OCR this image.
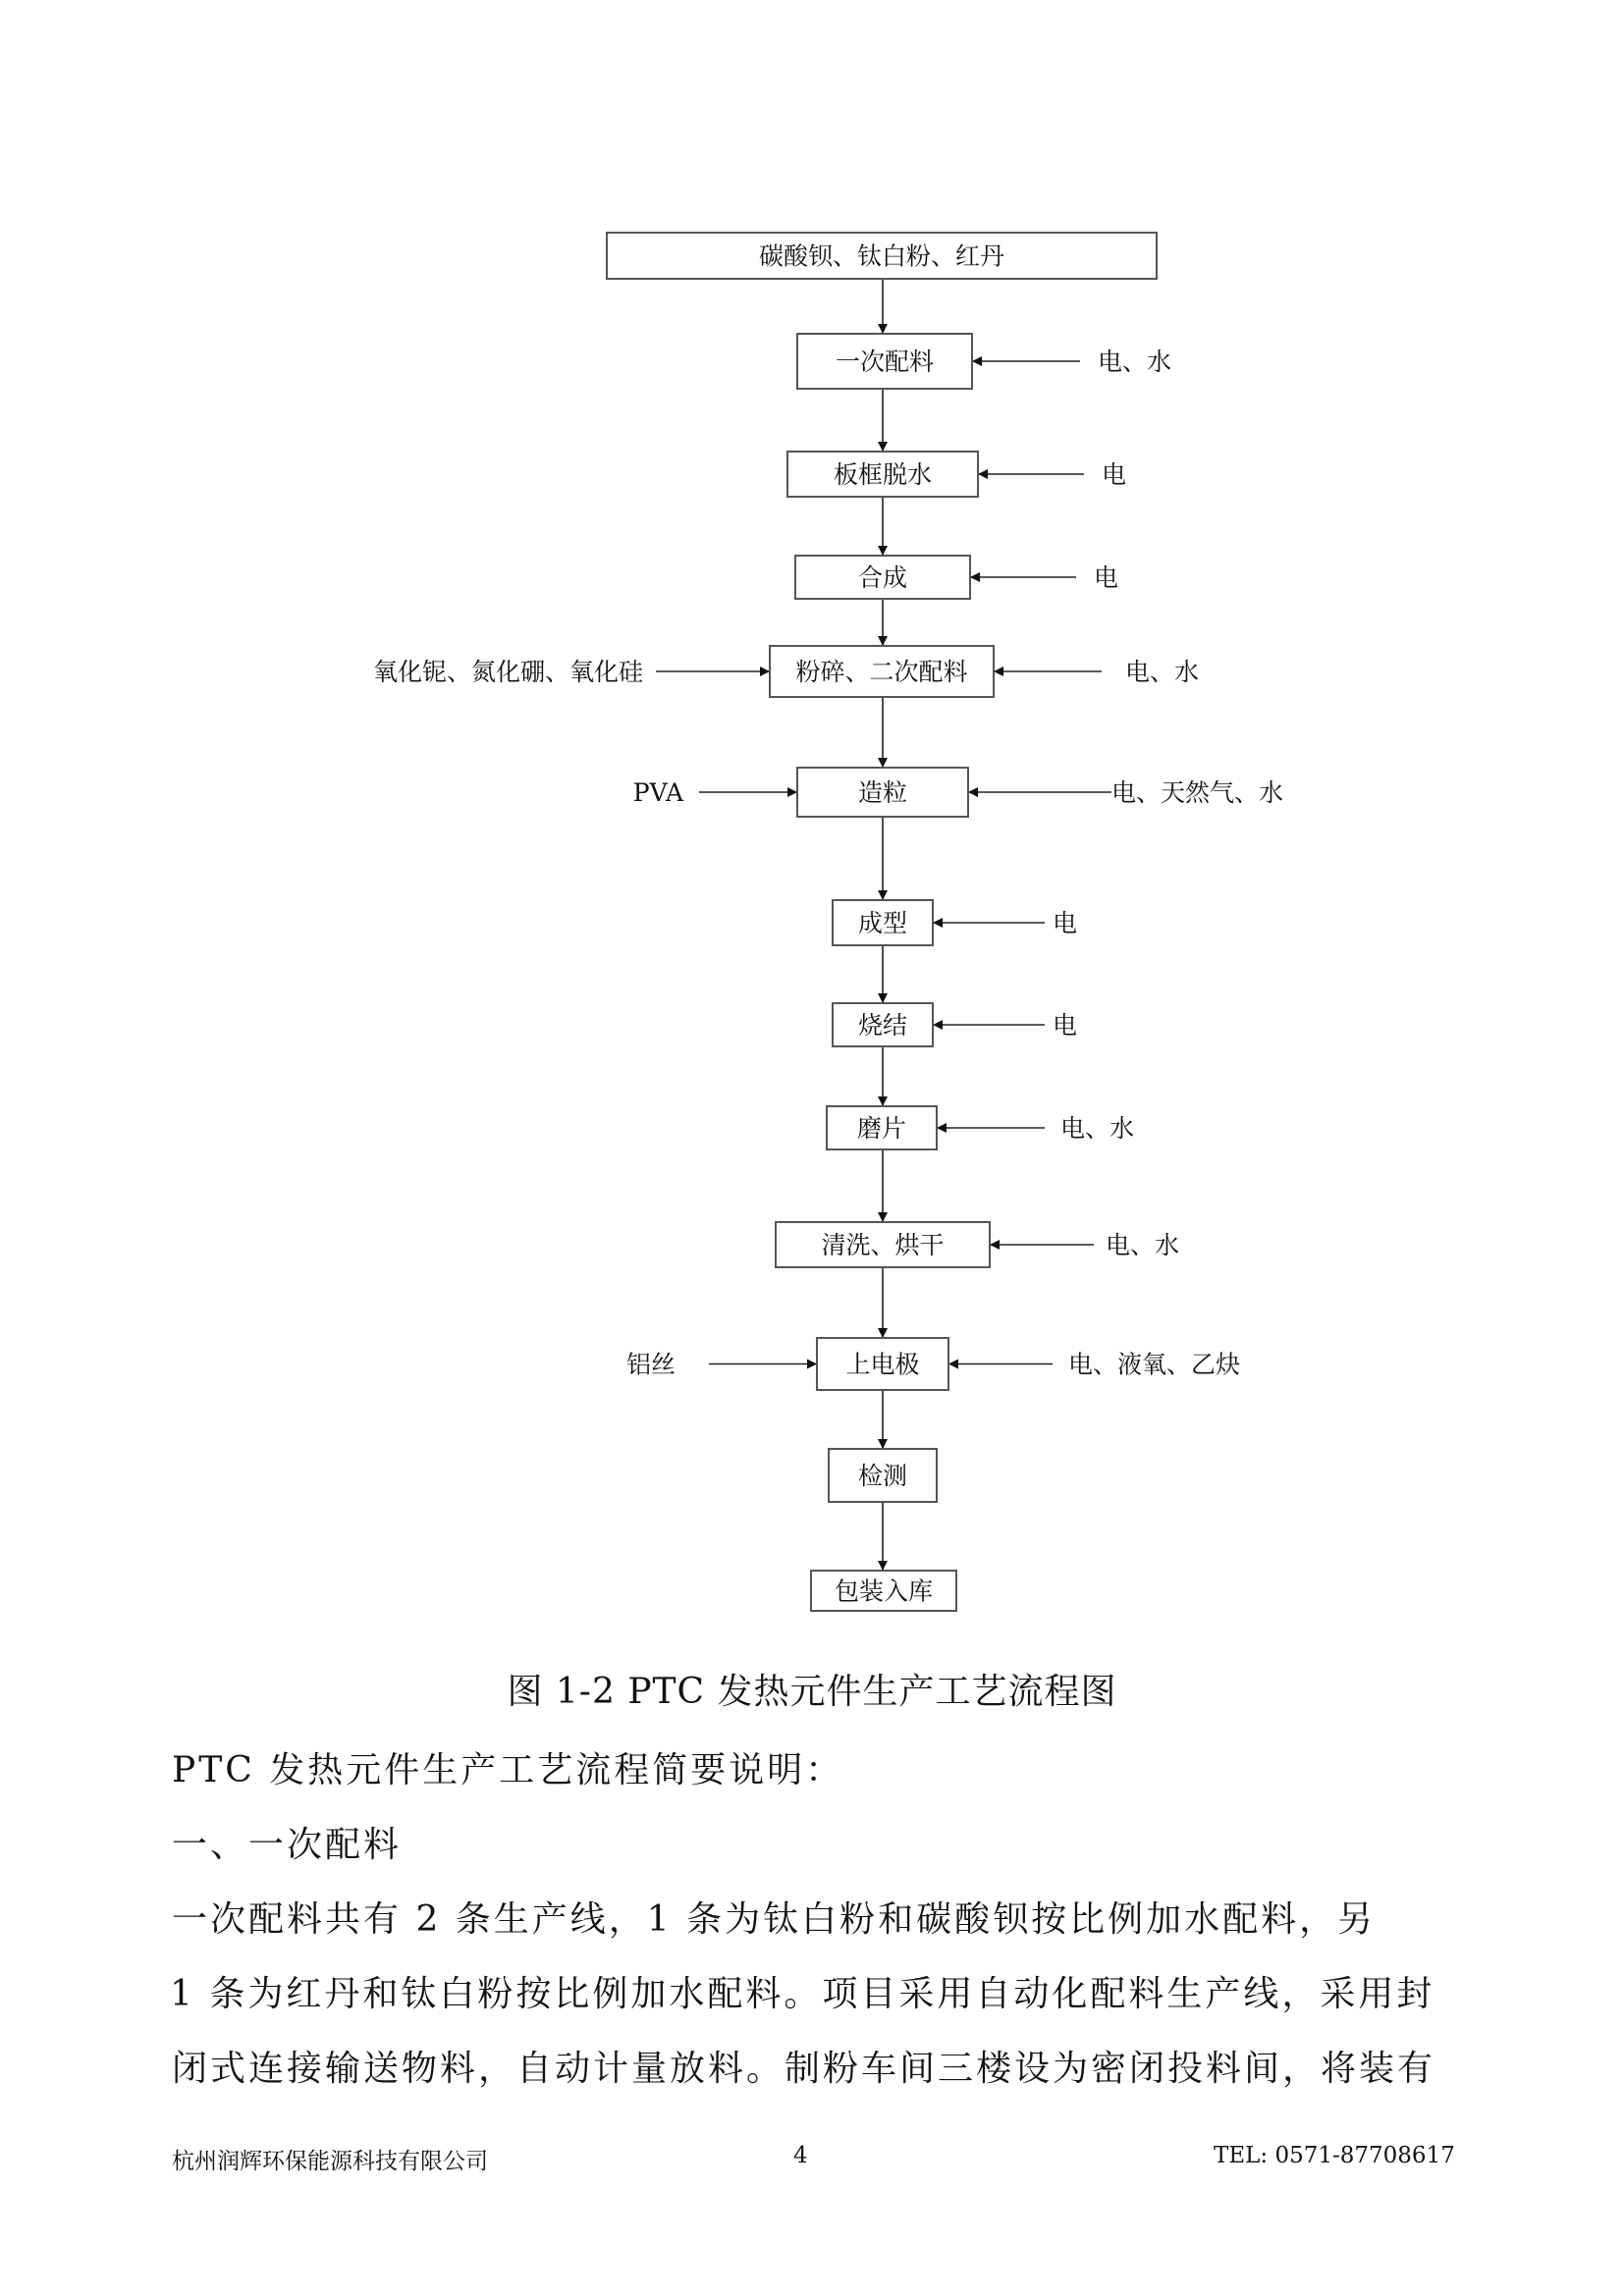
电、水
电
电
电、水
氧化铌、氮化硼、氧化硅
电、天然气、水
PVA
电
电
电、水
电、水
电、液氧、乙炔
铝丝
碳酸钡、钛白粉、红丹
一次配料
板框脱水
合成
粉碎、二次配料
造粒
成型
烧结
磨片
清洗、烘干
上电极
检测
包装入库
图 1-2 PTC 发热元件生产工艺流程图
PTC 发热元件生产工艺流程简要说明：
一、一次配料
一次配料共有 2 条生产线，1 条为钛白粉和碳酸钡按比例加水配料，另
1 条为红丹和钛白粉按比例加水配料。项目采用自动化配料生产线，采用封
闭式连接输送物料，自动计量放料。制粉车间三楼设为密闭投料间，将装有
杭州润辉环保能源科技有限公司	4	TEL: 0571-87708617
